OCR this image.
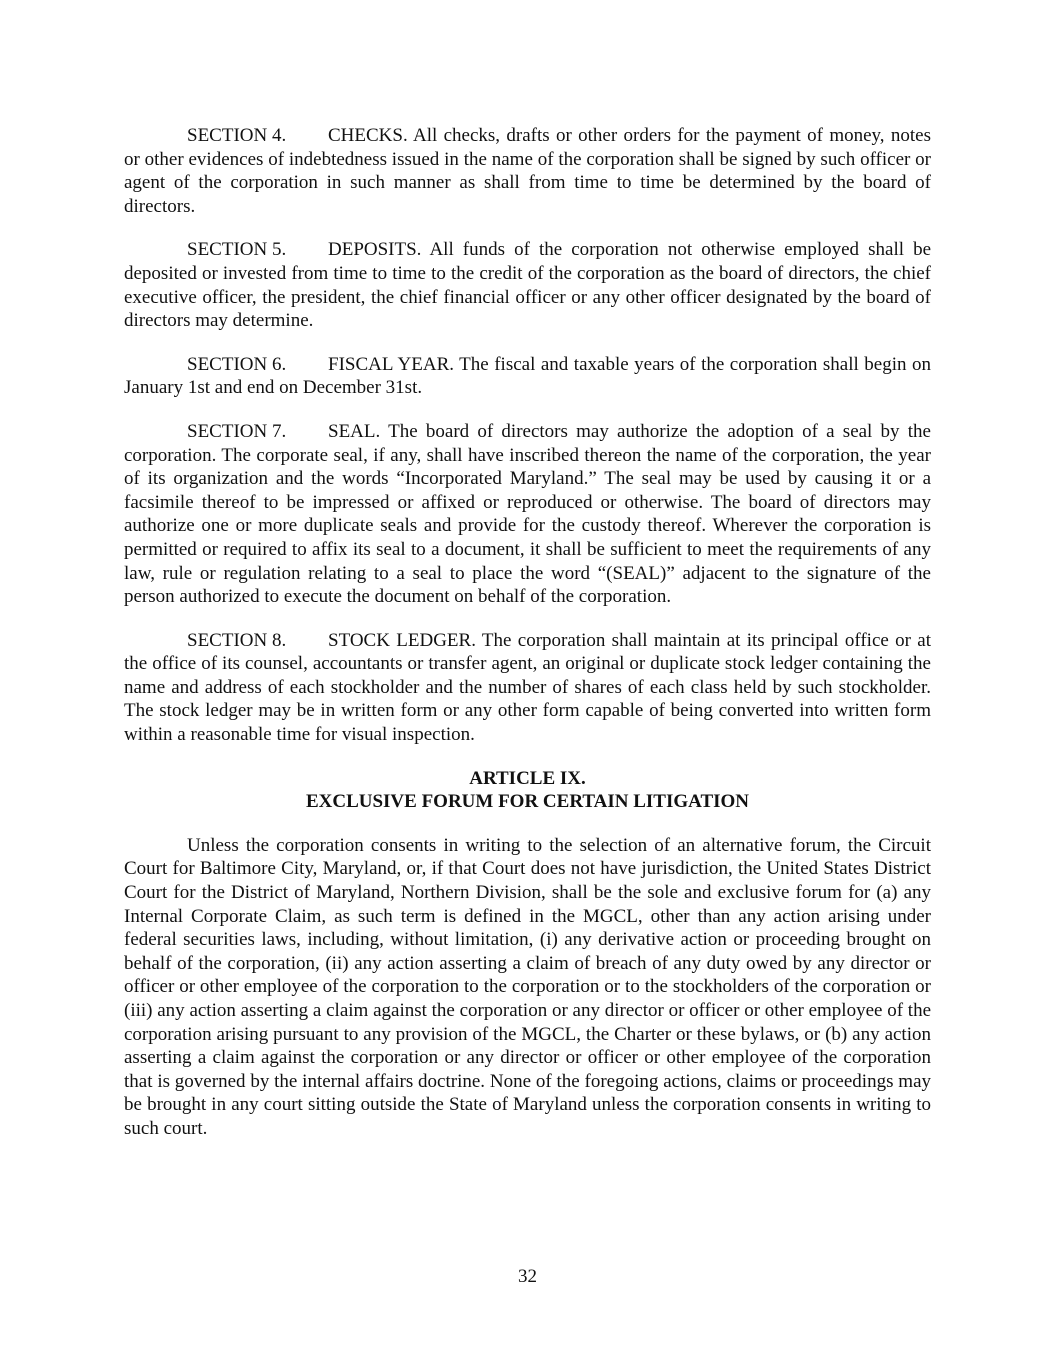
SECTION 4. CHECKS. All checks, drafts or other orders for the payment of money, notes or other evidences of indebtedness issued in the name of the corporation shall be signed by such officer or agent of the corporation in such manner as shall from time to time be determined by the board of directors.

SECTION 5. DEPOSITS. All funds of the corporation not otherwise employed shall be deposited or invested from time to time to the credit of the corporation as the board of directors, the chief executive officer, the president, the chief financial officer or any other officer designated by the board of directors may determine.

SECTION 6. FISCAL YEAR. The fiscal and taxable years of the corporation shall begin on January 1st and end on December 31st.

SECTION 7. SEAL. The board of directors may authorize the adoption of a seal by the corporation. The corporate seal, if any, shall have inscribed thereon the name of the corporation, the year of its organization and the words “Incorporated Maryland.” The seal may be used by causing it or a facsimile thereof to be impressed or affixed or reproduced or otherwise. The board of directors may authorize one or more duplicate seals and provide for the custody thereof. Wherever the corporation is permitted or required to affix its seal to a document, it shall be sufficient to meet the requirements of any law, rule or regulation relating to a seal to place the word “(SEAL)” adjacent to the signature of the person authorized to execute the document on behalf of the corporation.

SECTION 8. STOCK LEDGER. The corporation shall maintain at its principal office or at the office of its counsel, accountants or transfer agent, an original or duplicate stock ledger containing the name and address of each stockholder and the number of shares of each class held by such stockholder. The stock ledger may be in written form or any other form capable of being converted into written form within a reasonable time for visual inspection.

ARTICLE IX.
EXCLUSIVE FORUM FOR CERTAIN LITIGATION

Unless the corporation consents in writing to the selection of an alternative forum, the Circuit Court for Baltimore City, Maryland, or, if that Court does not have jurisdiction, the United States District Court for the District of Maryland, Northern Division, shall be the sole and exclusive forum for (a) any Internal Corporate Claim, as such term is defined in the MGCL, other than any action arising under federal securities laws, including, without limitation, (i) any derivative action or proceeding brought on behalf of the corporation, (ii) any action asserting a claim of breach of any duty owed by any director or officer or other employee of the corporation to the corporation or to the stockholders of the corporation or (iii) any action asserting a claim against the corporation or any director or officer or other employee of the corporation arising pursuant to any provision of the MGCL, the Charter or these bylaws, or (b) any action asserting a claim against the corporation or any director or officer or other employee of the corporation that is governed by the internal affairs doctrine. None of the foregoing actions, claims or proceedings may be brought in any court sitting outside the State of Maryland unless the corporation consents in writing to such court.

32
